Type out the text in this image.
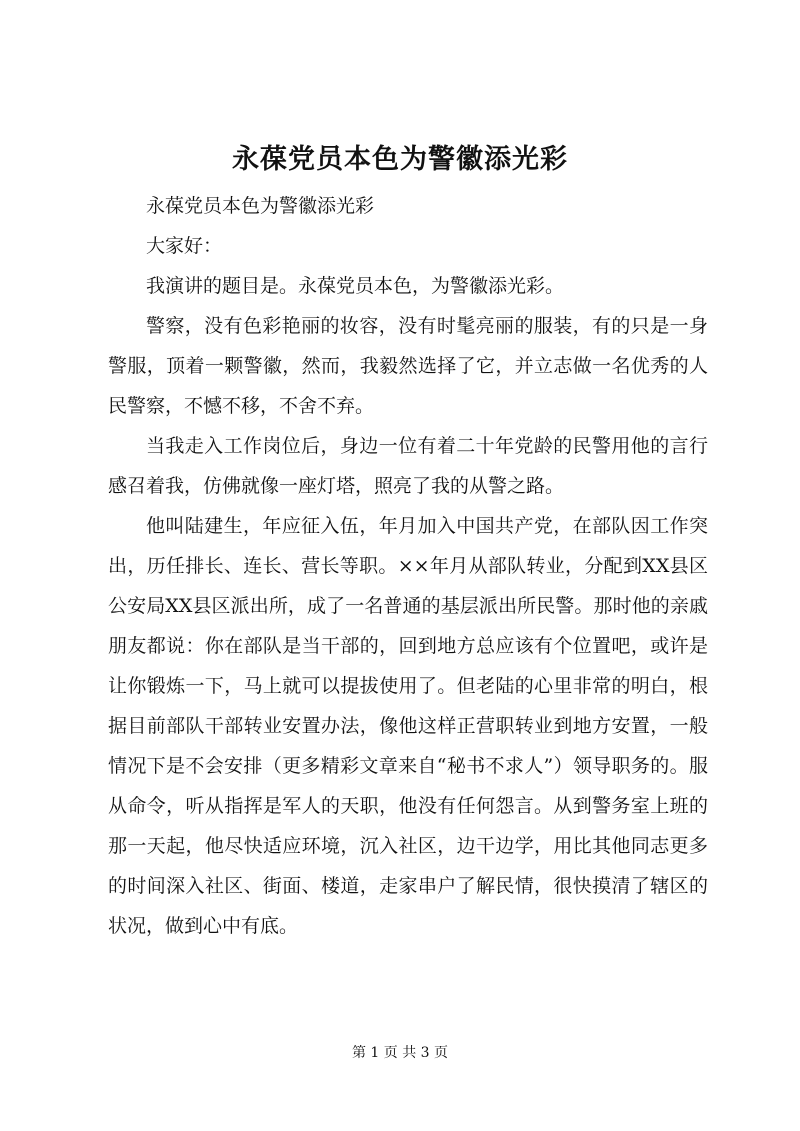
永葆党员本色为警徽添光彩

永葆党员本色为警徽添光彩

大家好：

我演讲的题目是。永葆党员本色，为警徽添光彩。

警察，没有色彩艳丽的妆容，没有时髦亮丽的服装，有的只是一身警服，顶着一颗警徽，然而，我毅然选择了它，并立志做一名优秀的人民警察，不憾不移，不舍不弃。

当我走入工作岗位后，身边一位有着二十年党龄的民警用他的言行感召着我，仿佛就像一座灯塔，照亮了我的从警之路。

他叫陆建生，年应征入伍，年月加入中国共产党，在部队因工作突出，历任排长、连长、营长等职。××年月从部队转业，分配到XX县区公安局XX县区派出所，成了一名普通的基层派出所民警。那时他的亲戚朋友都说：你在部队是当干部的，回到地方总应该有个位置吧，或许是让你锻炼一下，马上就可以提拔使用了。但老陆的心里非常的明白，根据目前部队干部转业安置办法，像他这样正营职转业到地方安置，一般情况下是不会安排（更多精彩文章来自“秘书不求人”）领导职务的。服从命令，听从指挥是军人的天职，他没有任何怨言。从到警务室上班的那一天起，他尽快适应环境，沉入社区，边干边学，用比其他同志更多的时间深入社区、街面、楼道，走家串户了解民情，很快摸清了辖区的状况，做到心中有底。

第 1 页 共 3 页
